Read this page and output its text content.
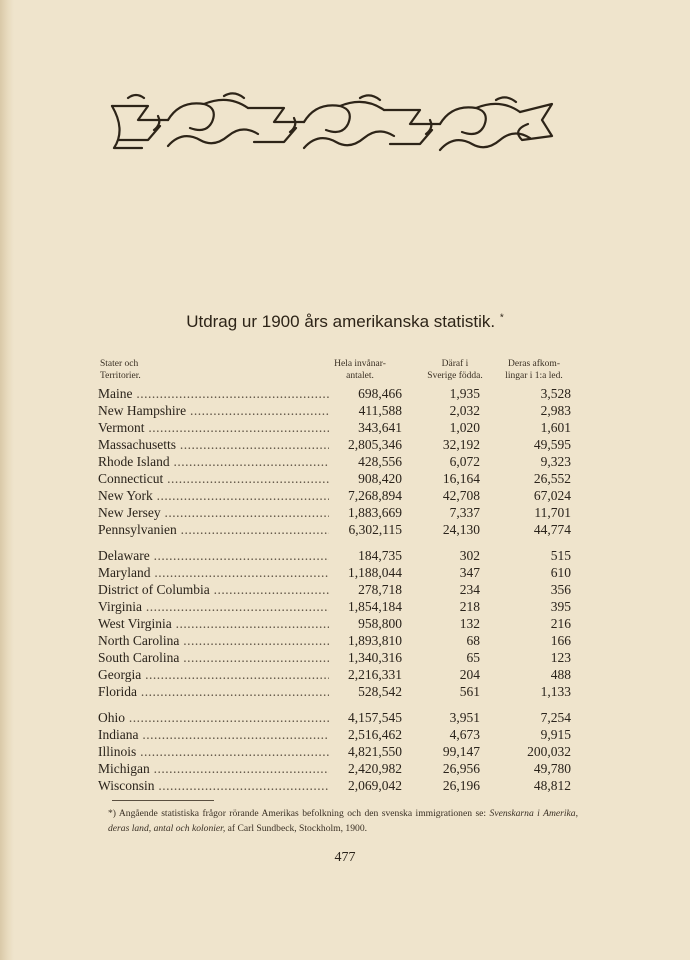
Utdrag ur 1900 års amerikanska statistik. *
Stater och
Territorier.
Hela invånar-
antalet.
Däraf i
Sverige födda.
Deras afkom-
lingar i 1:a led.
Maine .....	698,466	1,935	3,528
New Hampshire .....	411,588	2,032	2,983
Vermont .....	343,641	1,020	1,601
Massachusetts .....	2,805,346	32,192	49,595
Rhode Island .....	428,556	6,072	9,323
Connecticut .....	908,420	16,164	26,552
New York .....	7,268,894	42,708	67,024
New Jersey .....	1,883,669	7,337	11,701
Pennsylvanien .....	6,302,115	24,130	44,774
Delaware .....	184,735	302	515
Maryland .....	1,188,044	347	610
District of Columbia .....	278,718	234	356
Virginia .....	1,854,184	218	395
West Virginia .....	958,800	132	216
North Carolina .....	1,893,810	68	166
South Carolina .....	1,340,316	65	123
Georgia .....	2,216,331	204	488
Florida .....	528,542	561	1,133
Ohio .....	4,157,545	3,951	7,254
Indiana .....	2,516,462	4,673	9,915
Illinois .....	4,821,550	99,147	200,032
Michigan .....	2,420,982	26,956	49,780
Wisconsin .....	2,069,042	26,196	48,812
*) Angående statistiska frågor rörande Amerikas befolkning och den svenska immigrationen se: Svenskarna i Amerika, deras land, antal och kolonier, af Carl Sundbeck, Stockholm, 1900.
477
